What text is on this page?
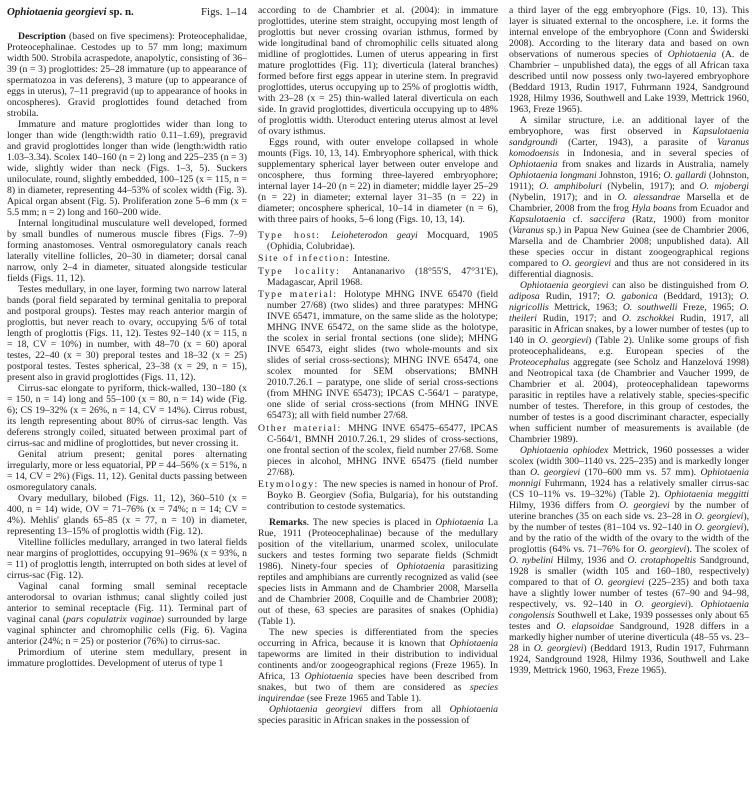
Ophiotaenia georgievi sp. n.	Figs. 1–14

Description (based on five specimens): Proteocephalidae, Proteocephalinae. Cestodes up to 57 mm long; maximum width 500. Strobila acraspedote, anapolytic, consisting of 36–39 (n = 3) proglottides: 25–28 immature (up to appearance of spermatozoa in vas deferens), 3 mature (up to appearance of eggs in uterus), 7–11 pregravid (up to appearance of hooks in oncospheres). Gravid proglottides found detached from strobila.

Immature and mature proglottides wider than long to longer than wide (length:width ratio 0.11–1.69), pregravid and gravid proglottides longer than wide (length:width ratio 1.03–3.34). Scolex 140–160 (n = 2) long and 225–235 (n = 3) wide, slightly wider than neck (Figs. 1–3, 5). Suckers uniloculate, round, slightly embedded, 100–125 (x = 115, n = 8) in diameter, representing 44–53% of scolex width (Fig. 3). Apical organ absent (Fig. 5). Proliferation zone 5–6 mm (x = 5.5 mm; n = 2) long and 160–200 wide.

Internal longitudinal musculature well developed, formed by small bundles of numerous muscle fibres (Figs. 7–9) forming anastomoses. Ventral osmoregulatory canals reach laterally vitelline follicles, 20–30 in diameter; dorsal canal narrow, only 2–4 in diameter, situated alongside testicular fields (Figs. 11, 12).

Testes medullary, in one layer, forming two narrow lateral bands (poral field separated by terminal genitalia to preporal and postporal groups). Testes may reach anterior margin of proglottis, but never reach to ovary, occupying 5/6 of total length of proglottis (Figs. 11, 12). Testes 92–140 (x = 115, n = 18, CV = 10%) in number, with 48–70 (x = 60) aporal testes, 22–40 (x = 30) preporal testes and 18–32 (x = 25) postporal testes. Testes spherical, 23–38 (x = 29, n = 15), present also in gravid proglottides (Figs. 11, 12).

Cirrus-sac elongate to pyriform, thick-walled, 130–180 (x = 150, n = 14) long and 55–100 (x = 80, n = 14) wide (Fig. 6); CS 19–32% (x = 26%, n = 14, CV = 14%). Cirrus robust, its length representing about 80% of cirrus-sac length. Vas deferens strongly coiled, situated between proximal part of cirrus-sac and midline of proglottides, but never crossing it.

Genital atrium present; genital pores alternating irregularly, more or less equatorial, PP = 44–56% (x = 51%, n = 14, CV = 2%) (Figs. 11, 12). Genital ducts passing between osmoregulatory canals.

Ovary medullary, bilobed (Figs. 11, 12), 360–510 (x = 400, n = 14) wide, OV = 71–76% (x = 74%; n = 14; CV = 4%). Mehlis' glands 65–85 (x = 77, n = 10) in diameter, representing 13–15% of proglottis width (Fig. 12).

Vitelline follicles medullary, arranged in two lateral fields near margins of proglottides, occupying 91–96% (x = 93%, n = 11) of proglottis length, interrupted on both sides at level of cirrus-sac (Fig. 12).

Vaginal canal forming small seminal receptacle anterodorsal to ovarian isthmus; canal slightly coiled just anterior to seminal receptacle (Fig. 11). Terminal part of vaginal canal (pars copulatrix vaginae) surrounded by large vaginal sphincter and chromophilic cells (Fig. 6). Vagina anterior (24%; n = 25) or posterior (76%) to cirrus-sac.

Primordium of uterine stem medullary, present in immature proglottides. Development of uterus of type 1

according to de Chambrier et al. (2004): in immature proglottides, uterine stem straight, occupying most length of proglottis but never crossing ovarian isthmus, formed by wide longitudinal band of chromophilic cells situated along midline of proglottides. Lumen of uterus appearing in first mature proglottides (Fig. 11); diverticula (lateral branches) formed before first eggs appear in uterine stem. In pregravid proglottides, uterus occupying up to 25% of proglottis width, with 23–28 (x = 25) thin-walled lateral diverticula on each side. In gravid proglottides, diverticula occupying up to 48% of proglottis width. Uteroduct entering uterus almost at level of ovary isthmus.

Eggs round, with outer envelope collapsed in whole mounts (Figs. 10, 13, 14). Embryophore spherical, with thick supplementary spherical layer between outer envelope and oncosphere, thus forming three-layered embryophore; internal layer 14–20 (n = 22) in diameter; middle layer 25–29 (n = 22) in diameter; external layer 31–35 (n = 22) in diameter; oncosphere spherical, 10–14 in diameter (n = 6), with three pairs of hooks, 5–6 long (Figs. 10, 13, 14).

Type host: Leioheterodon geayi Mocquard, 1905 (Ophidia, Colubridae).

Site of infection: Intestine.

Type locality: Antananarivo (18°55'S, 47°31'E), Madagascar, April 1968.

Type material: Holotype MHNG INVE 65470 (field number 27/68) (two slides) and three paratypes: MHNG INVE 65471, immature, on the same slide as the holotype; MHNG INVE 65472, on the same slide as the holotype, the scolex in serial frontal sections (one slide); MHNG INVE 65473, eight slides (two whole-mounts and six slides of serial cross-sections); MHNG INVE 65474, one scolex mounted for SEM observations; BMNH 2010.7.26.1 – paratype, one slide of serial cross-sections (from MHNG INVE 65473); IPCAS C-564/1 – paratype, one slide of serial cross-sections (from MHNG INVE 65473); all with field number 27/68.

Other material: MHNG INVE 65475–65477, IPCAS C-564/1, BMNH 2010.7.26.1, 29 slides of cross-sections, one frontal section of the scolex, field number 27/68. Some pieces in alcohol, MHNG INVE 65475 (field number 27/68).

Etymology: The new species is named in honour of Prof. Boyko B. Georgiev (Sofia, Bulgaria), for his outstanding contribution to cestode systematics.

Remarks. The new species is placed in Ophiotaenia La Rue, 1911 (Proteocephalinae) because of the medullary position of the vitellarium, unarmed scolex, uniloculate suckers and testes forming two separate fields (Schmidt 1986). Ninety-four species of Ophiotaenia parasitizing reptiles and amphibians are currently recognized as valid (see species lists in Ammann and de Chambrier 2008, Marsella and de Chambrier 2008, Coquille and de Chambrier 2008); out of these, 63 species are parasites of snakes (Ophidia) (Table 1).

The new species is differentiated from the species occurring in Africa, because it is known that Ophiotaenia tapeworms are limited in their distribution to individual continents and/or zoogeographical regions (Freze 1965). In Africa, 13 Ophiotaenia species have been described from snakes, but two of them are considered as species inquirendae (see Freze 1965 and Table 1).

Ophiotaenia georgievi differs from all Ophiotaenia species parasitic in African snakes in the possession of

a third layer of the egg embryophore (Figs. 10, 13). This layer is situated external to the oncosphere, i.e. it forms the internal envelope of the embryophore (Conn and Świderski 2008). According to the literary data and based on own observations of numerous species of Ophiotaenia (A. de Chambrier – unpublished data), the eggs of all African taxa described until now possess only two-layered embryophore (Beddard 1913, Rudin 1917, Fuhrmann 1924, Sandground 1928, Hilmy 1936, Southwell and Lake 1939, Mettrick 1960, 1963, Freze 1965).

A similar structure, i.e. an additional layer of the embryophore, was first observed in Kapsulotaenia sandgroundi (Carter, 1943), a parasite of Varanus komodoensis in Indonesia, and in several species of Ophiotaenia from snakes and lizards in Australia, namely Ophiotaenia longmani Johnston, 1916; O. gallardi (Johnston, 1911); O. amphiboluri (Nybelin, 1917); and O. mjobergi (Nybelin, 1917); and in O. alessandrae Marsella et de Chambrier, 2008 from the frog Hyla boans from Ecuador and Kapsulotaenia cf. saccifera (Ratz, 1900) from monitor (Varanus sp.) in Papua New Guinea (see de Chambrier 2006, Marsella and de Chambrier 2008; unpublished data). All these species occur in distant zoogeographical regions compared to O. georgievi and thus are not considered in its differential diagnosis.

Ophiotaenia georgievi can also be distinguished from O. adiposa Rudin, 1917; O. gabonica (Beddard, 1913); O. nigricollis Mettrick, 1963; O. southwelli Freze, 1965; O. theileri Rudin, 1917; and O. zschokkei Rudin, 1917, all parasitic in African snakes, by a lower number of testes (up to 140 in O. georgievi) (Table 2). Unlike some groups of fish proteocephalideans, e.g. European species of the Proteocephalus aggregate (see Scholz and Hanzelová 1998) and Neotropical taxa (de Chambrier and Vaucher 1999, de Chambrier et al. 2004), proteocephalidean tapeworms parasitic in reptiles have a relatively stable, species-specific number of testes. Therefore, in this group of cestodes, the number of testes is a good discriminant character, especially when sufficient number of measurements is available (de Chambrier 1989).

Ophiotaenia ophiodex Mettrick, 1960 possesses a wider scolex (width 300–1140 vs. 225–235) and is markedly longer than O. georgievi (170–600 mm vs. 57 mm). Ophiotaenia monnigi Fuhrmann, 1924 has a relatively smaller cirrus-sac (CS 10–11% vs. 19–32%) (Table 2). Ophiotaenia meggitti Hilmy, 1936 differs from O. georgievi by the number of uterine branches (35 on each side vs. 23–28 in O. georgievi), by the number of testes (81–104 vs. 92–140 in O. georgievi), and by the ratio of the width of the ovary to the width of the proglottis (64% vs. 71–76% for O. georgievi). The scolex of O. nybelini Hilmy, 1936 and O. crotaphopeltis Sandground, 1928 is smaller (width 105 and 160–180, respectively) compared to that of O. georgievi (225–235) and both taxa have a slightly lower number of testes (67–90 and 94–98, respectively, vs. 92–140 in O. georgievi). Ophiotaenia congolensis Southwell et Lake, 1939 possesses only about 65 testes and O. elapsoidae Sandground, 1928 differs in a markedly higher number of uterine diverticula (48–55 vs. 23–28 in O. georgievi) (Beddard 1913, Rudin 1917, Fuhrmann 1924, Sandground 1928, Hilmy 1936, Southwell and Lake 1939, Mettrick 1960, 1963, Freze 1965).
